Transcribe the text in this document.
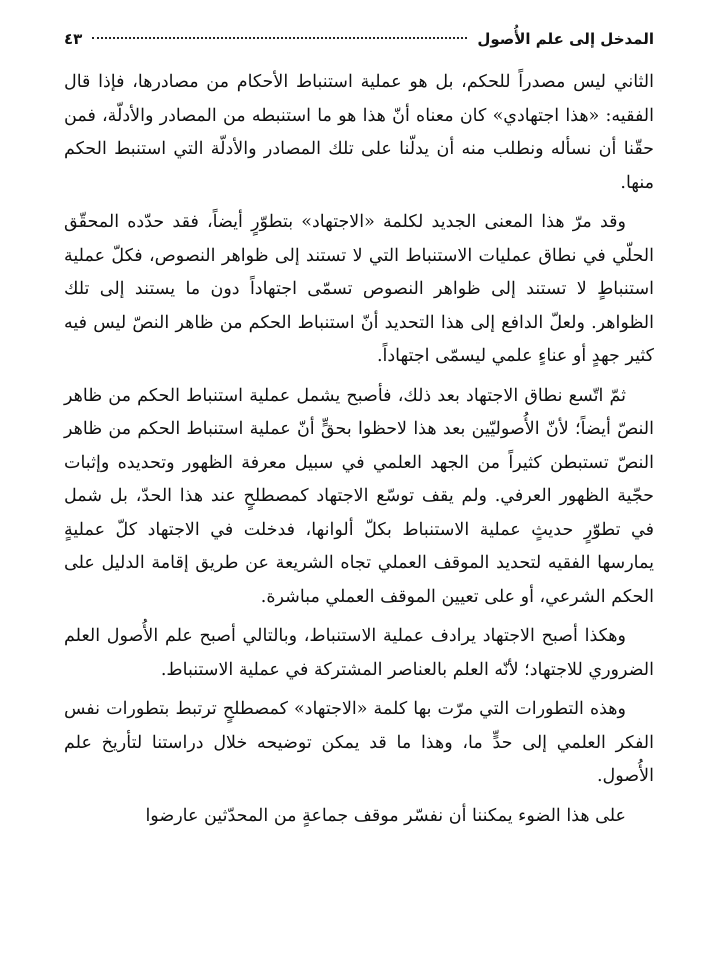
المدخل إلى علم الأُصول
٤٣

الثاني ليس مصدراً للحكم، بل هو عملية استنباط الأحكام من مصادرها، فإذا قال الفقيه: «هذا اجتهادي» كان معناه أنّ هذا هو ما استنبطه من المصادر والأدلّة، فمن حقّنا أن نسأله ونطلب منه أن يدلّنا على تلك المصادر والأدلّة التي استنبط الحكم منها.

وقد مرّ هذا المعنى الجديد لكلمة «الاجتهاد» بتطوّرٍ أيضاً، فقد حدّده المحقّق الحلّي في نطاق عمليات الاستنباط التي لا تستند إلى ظواهر النصوص، فكلّ عملية استنباطٍ لا تستند إلى ظواهر النصوص تسمّى اجتهاداً دون ما يستند إلى تلك الظواهر. ولعلّ الدافع إلى هذا التحديد أنّ استنباط الحكم من ظاهر النصّ ليس فيه كثير جهدٍ أو عناءٍ علمي ليسمّى اجتهاداً.

ثمّ اتّسع نطاق الاجتهاد بعد ذلك، فأصبح يشمل عملية استنباط الحكم من ظاهر النصّ أيضاً؛ لأنّ الأُصوليّين بعد هذا لاحظوا بحقٍّ أنّ عملية استنباط الحكم من ظاهر النصّ تستبطن كثيراً من الجهد العلمي في سبيل معرفة الظهور وتحديده وإثبات حجّية الظهور العرفي. ولم يقف توسّع الاجتهاد كمصطلحٍ عند هذا الحدّ، بل شمل في تطوّرٍ حديثٍ عملية الاستنباط بكلّ ألوانها، فدخلت في الاجتهاد كلّ عمليةٍ يمارسها الفقيه لتحديد الموقف العملي تجاه الشريعة عن طريق إقامة الدليل على الحكم الشرعي، أو على تعيين الموقف العملي مباشرة.

وهكذا أصبح الاجتهاد يرادف عملية الاستنباط، وبالتالي أصبح علم الأُصول العلم الضروري للاجتهاد؛ لأنّه العلم بالعناصر المشتركة في عملية الاستنباط.

وهذه التطورات التي مرّت بها كلمة «الاجتهاد» كمصطلحٍ ترتبط بتطورات نفس الفكر العلمي إلى حدٍّ ما، وهذا ما قد يمكن توضيحه خلال دراستنا لتأريخ علم الأُصول.

على هذا الضوء يمكننا أن نفسّر موقف جماعةٍ من المحدّثين عارضوا
